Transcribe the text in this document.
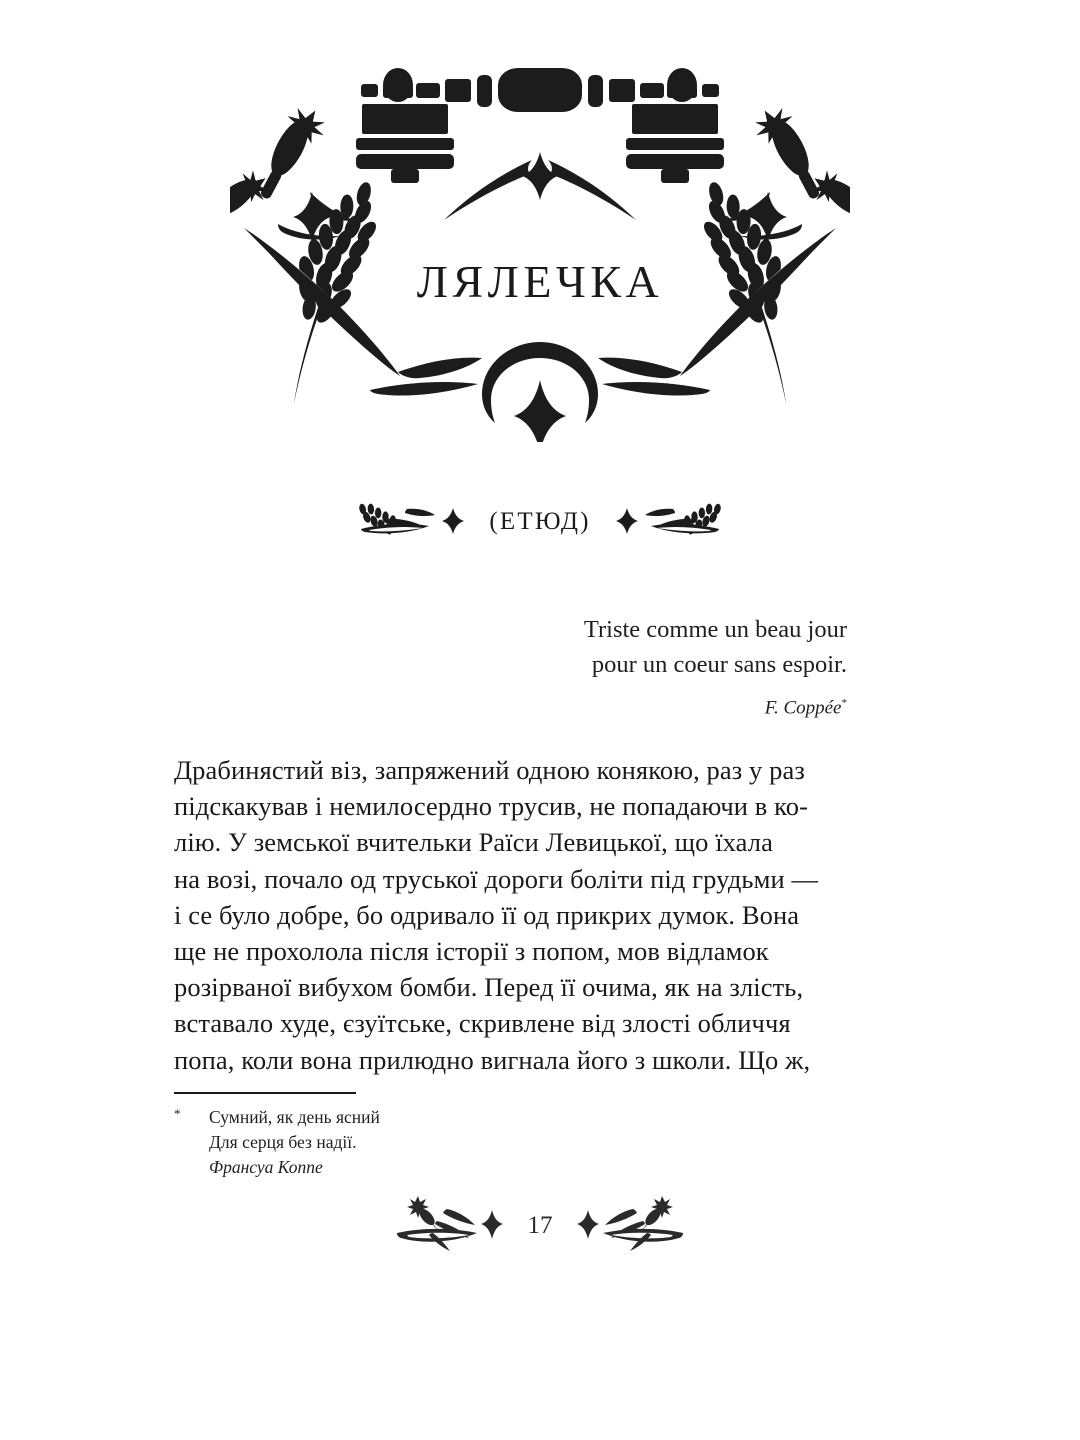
ЛЯЛЕЧКА
(ЕТЮД)
Triste comme un beau jour
pour un coeur sans espoir.
F. Coppée*
Драбинястий віз, запряжений одною конякою, раз у раз
підскакував і немилосердно трусив, не попадаючи в ко-
лію. У земської вчительки Раїси Левицької, що їхала
на возі, почало од труської дороги боліти під грудьми —
і се було добре, бо одривало її од прикрих думок. Вона
ще не прохолола після історії з попом, мов відламок
розірваної вибухом бомби. Перед її очима, як на злість,
вставало худе, єзуїтське, скривлене від злості обличчя
попа, коли вона прилюдно вигнала його з школи. Що ж,
* Сумний, як день ясний
Для серця без надії.
Франсуа Коппе
17
